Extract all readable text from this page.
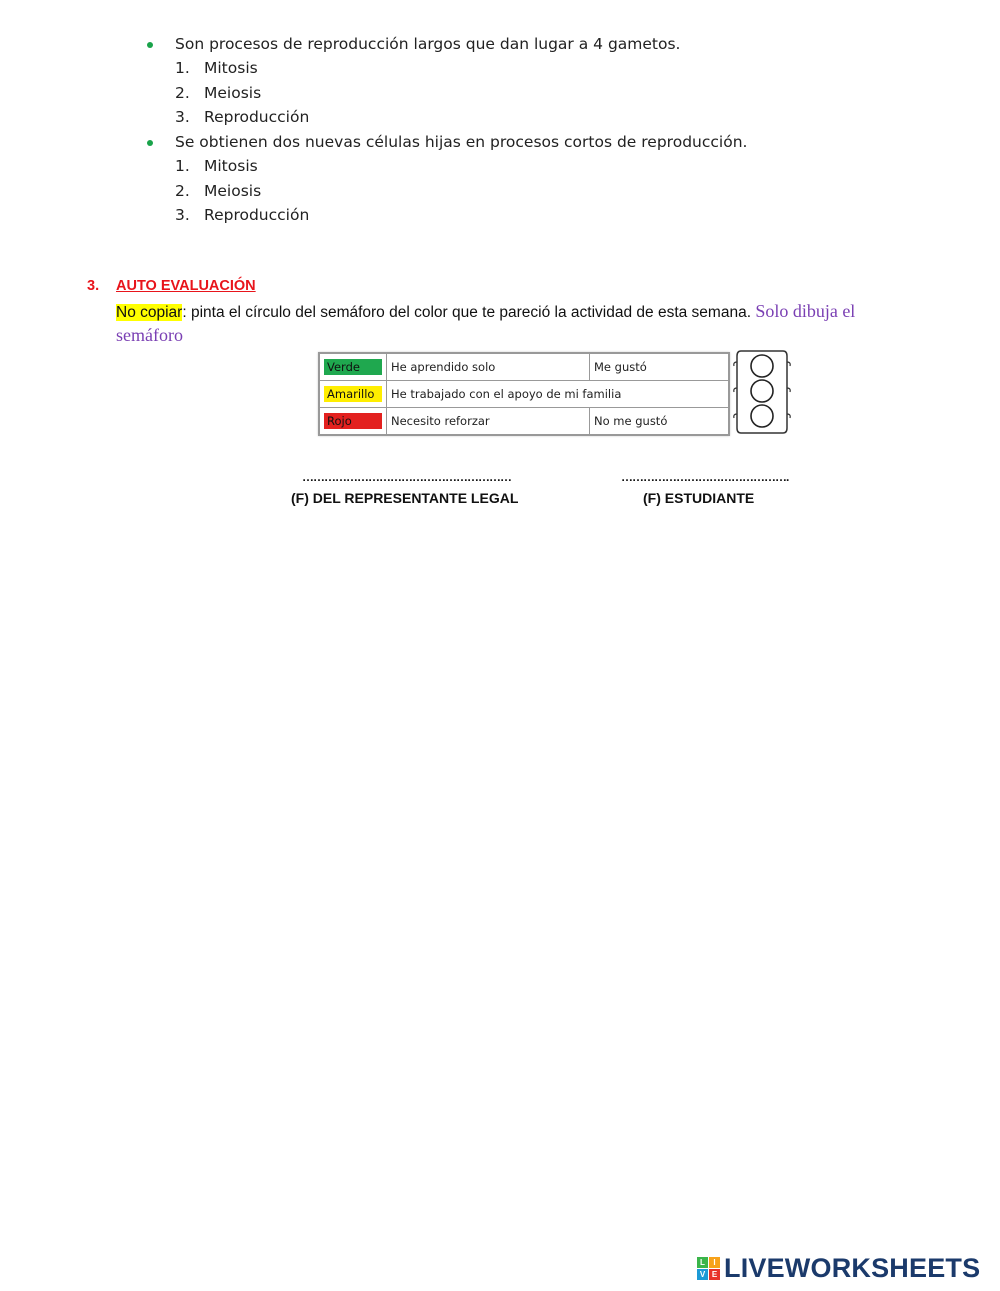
Son procesos de reproducción largos que dan lugar a 4 gametos.
1. Mitosis
2. Meiosis
3. Reproducción
Se obtienen dos nuevas células hijas en procesos cortos de reproducción.
1. Mitosis
2. Meiosis
3. Reproducción
3. AUTO EVALUACIÓN
No copiar: pinta el círculo del semáforo del color que te pareció la actividad de esta semana. Solo dibuja el
semáforo
Verde	He aprendido solo	Me gustó

Amarillo	He trabajado con el apoyo de mi familia	

Rojo	Necesito reforzar	No me gustó
…………………………………………………
(F) DEL REPRESENTANTE LEGAL
……………………………………….
(F) ESTUDIANTE
L	I
V E LIVEWORKSHEETS
